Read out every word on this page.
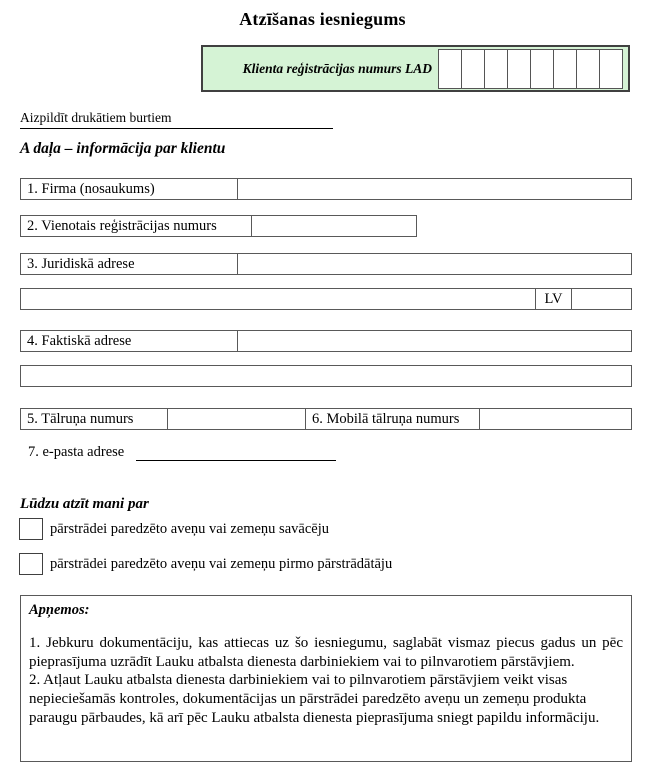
Atzīšanas iesniegums
Klienta reģistrācijas numurs LAD
Aizpildīt drukātiem burtiem
A daļa – informācija par klientu
1. Firma (nosaukums)
2. Vienotais reģistrācijas numurs
3. Juridiskā adrese
LV
4. Faktiskā adrese
5. Tālruņa numurs	6. Mobilā tālruņa numurs
7. e-pasta adrese
Lūdzu atzīt mani par
pārstrādei paredzēto aveņu vai zemeņu savācēju
pārstrādei paredzēto aveņu vai zemeņu pirmo pārstrādātāju
Apņemos:

1. Jebkuru dokumentāciju, kas attiecas uz šo iesniegumu, saglabāt vismaz piecus gadus un pēc pieprasījuma uzrādīt Lauku atbalsta dienesta darbiniekiem vai to pilnvarotiem pārstāvjiem.

2. Atļaut Lauku atbalsta dienesta darbiniekiem vai to pilnvarotiem pārstāvjiem veikt visas nepieciešamās kontroles, dokumentācijas un pārstrādei paredzēto aveņu un zemeņu produkta paraugu pārbaudes, kā arī pēc Lauku atbalsta dienesta pieprasījuma sniegt papildu informāciju.
